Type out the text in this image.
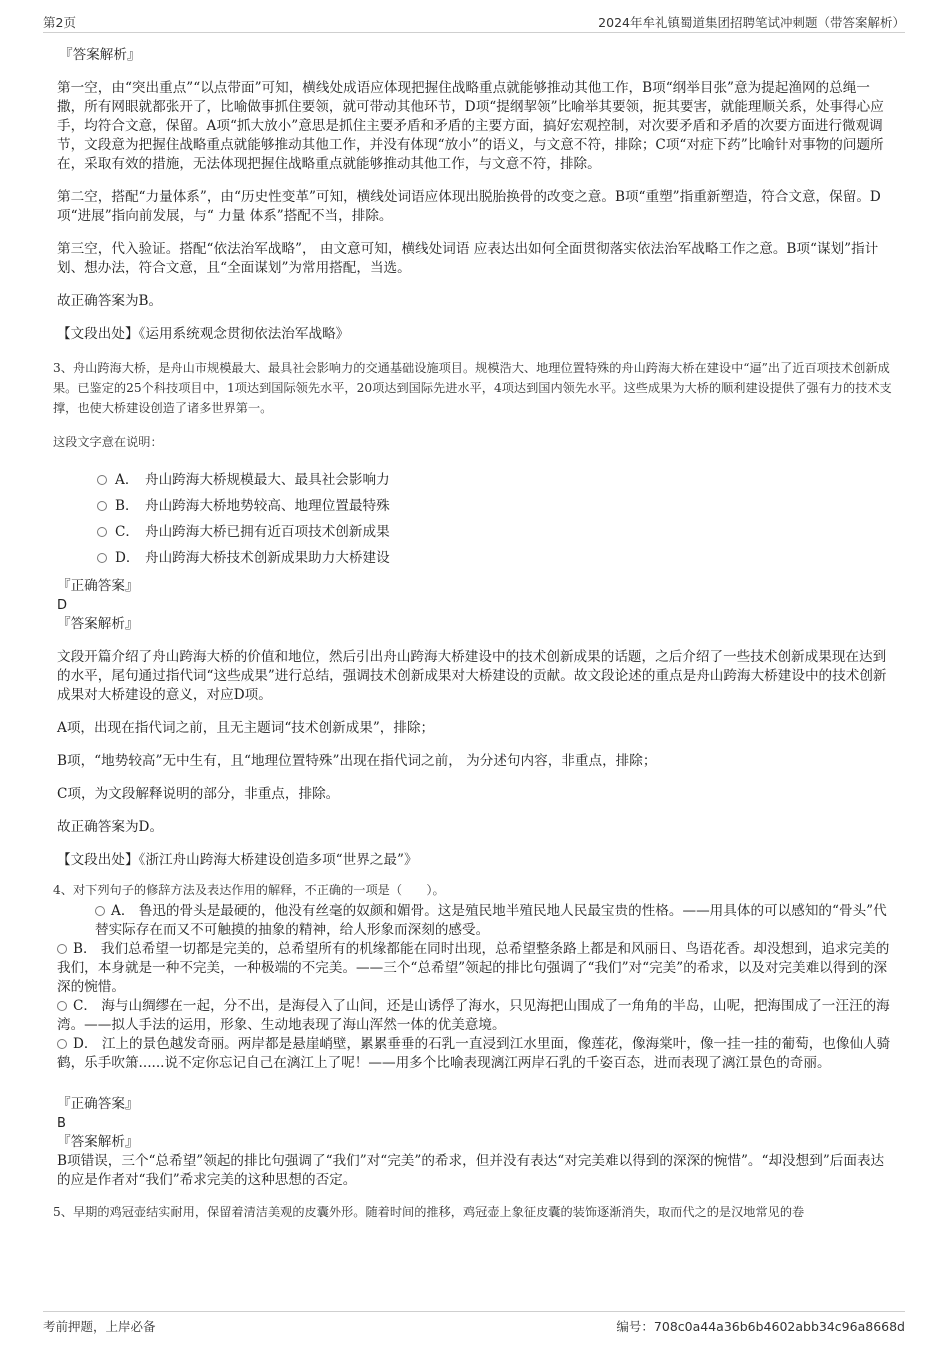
第2页	2024年牟礼镇蜀道集团招聘笔试冲刺题（带答案解析）
『答案解析』

第一空，由“突出重点”“以点带面”可知，横线处成语应体现把握住战略重点就能够推动其他工作，B项“纲举目张”意为提起渔网的总绳一撒，所有网眼就都张开了，比喻做事抓住要领，就可带动其他环节，D项“提纲挈领”比喻举其要领，扼其要害，就能理顺关系，处事得心应手，均符合文意，保留。A项“抓大放小”意思是抓住主要矛盾和矛盾的主要方面，搞好宏观控制，对次要矛盾和矛盾的次要方面进行微观调节，文段意为把握住战略重点就能够推动其他工作，并没有体现“放小”的语义，与文意不符，排除；C项“对症下药”比喻针对事物的问题所在，采取有效的措施，无法体现把握住战略重点就能够推动其他工作，与文意不符，排除。

第二空，搭配“力量体系”，由“历史性变革”可知，横线处词语应体现出脱胎换骨的改变之意。B项“重塑”指重新塑造，符合文意，保留。D项“进展”指向前发展，与“ 力量 体系”搭配不当，排除。

第三空，代入验证。搭配“依法治军战略”， 由文意可知，横线处词语 应表达出如何全面贯彻落实依法治军战略工作之意。B项“谋划”指计划、想办法，符合文意，且“全面谋划”为常用搭配，当选。

故正确答案为B。

【文段出处】《运用系统观念贯彻依法治军战略》

3、舟山跨海大桥，是舟山市规模最大、最具社会影响力的交通基础设施项目。规模浩大、地理位置特殊的舟山跨海大桥在建设中“逼”出了近百项技术创新成果。已鉴定的25个科技项目中，1项达到国际领先水平，20项达到国际先进水平，4项达到国内领先水平。这些成果为大桥的顺利建设提供了强有力的技术支撑，也使大桥建设创造了诸多世界第一。

这段文字意在说明：

A． 舟山跨海大桥规模最大、最具社会影响力
B． 舟山跨海大桥地势较高、地理位置最特殊
C． 舟山跨海大桥已拥有近百项技术创新成果
D． 舟山跨海大桥技术创新成果助力大桥建设
『正确答案』
D
『答案解析』

文段开篇介绍了舟山跨海大桥的价值和地位，然后引出舟山跨海大桥建设中的技术创新成果的话题，之后介绍了一些技术创新成果现在达到的水平，尾句通过指代词“这些成果”进行总结，强调技术创新成果对大桥建设的贡献。故文段论述的重点是舟山跨海大桥建设中的技术创新成果对大桥建设的意义，对应D项。

A项，出现在指代词之前，且无主题词“技术创新成果”，排除；

B项，“地势较高”无中生有，且“地理位置特殊”出现在指代词之前， 为分述句内容，非重点，排除；

C项，为文段解释说明的部分，非重点，排除。

故正确答案为D。

【文段出处】《浙江舟山跨海大桥建设创造多项“世界之最”》

4、对下列句子的修辞方法及表达作用的解释，不正确的一项是（　　）。

A． 鲁迅的骨头是最硬的，他没有丝毫的奴颜和媚骨。这是殖民地半殖民地人民最宝贵的性格。——用具体的可以感知的“骨头”代替实际存在而又不可触摸的抽象的精神，给人形象而深刻的感受。

B． 我们总希望一切都是完美的，总希望所有的机缘都能在同时出现，总希望整条路上都是和风丽日、鸟语花香。却没想到，追求完美的我们，本身就是一种不完美，一种极端的不完美。——三个“总希望”领起的排比句强调了“我们”对“完美”的希求，以及对完美难以得到的深深的惋惜。

C． 海与山绸缪在一起，分不出，是海侵入了山间，还是山诱俘了海水，只见海把山围成了一角角的半岛，山呢，把海围成了一汪汪的海湾。——拟人手法的运用，形象、生动地表现了海山浑然一体的优美意境。

D． 江上的景色越发奇丽。两岸都是悬崖峭壁，累累垂垂的石乳一直浸到江水里面，像莲花，像海棠叶，像一挂一挂的葡萄，也像仙人骑鹤，乐手吹箫......说不定你忘记自己在漓江上了呢！——用多个比喻表现漓江两岸石乳的千姿百态，进而表现了漓江景色的奇丽。

『正确答案』
B
『答案解析』

B项错误，三个“总希望”领起的排比句强调了“我们”对“完美”的希求，但并没有表达“对完美难以得到的深深的惋惜”。“却没想到”后面表达的应是作者对“我们”希求完美的这种思想的否定。

5、早期的鸡冠壶结实耐用，保留着清洁美观的皮囊外形。随着时间的推移，鸡冠壶上象征皮囊的装饰逐渐消失，取而代之的是汉地常见的卷

考前押题，上岸必备	编号：708c0a44a36b6b4602abb34c96a8668d
